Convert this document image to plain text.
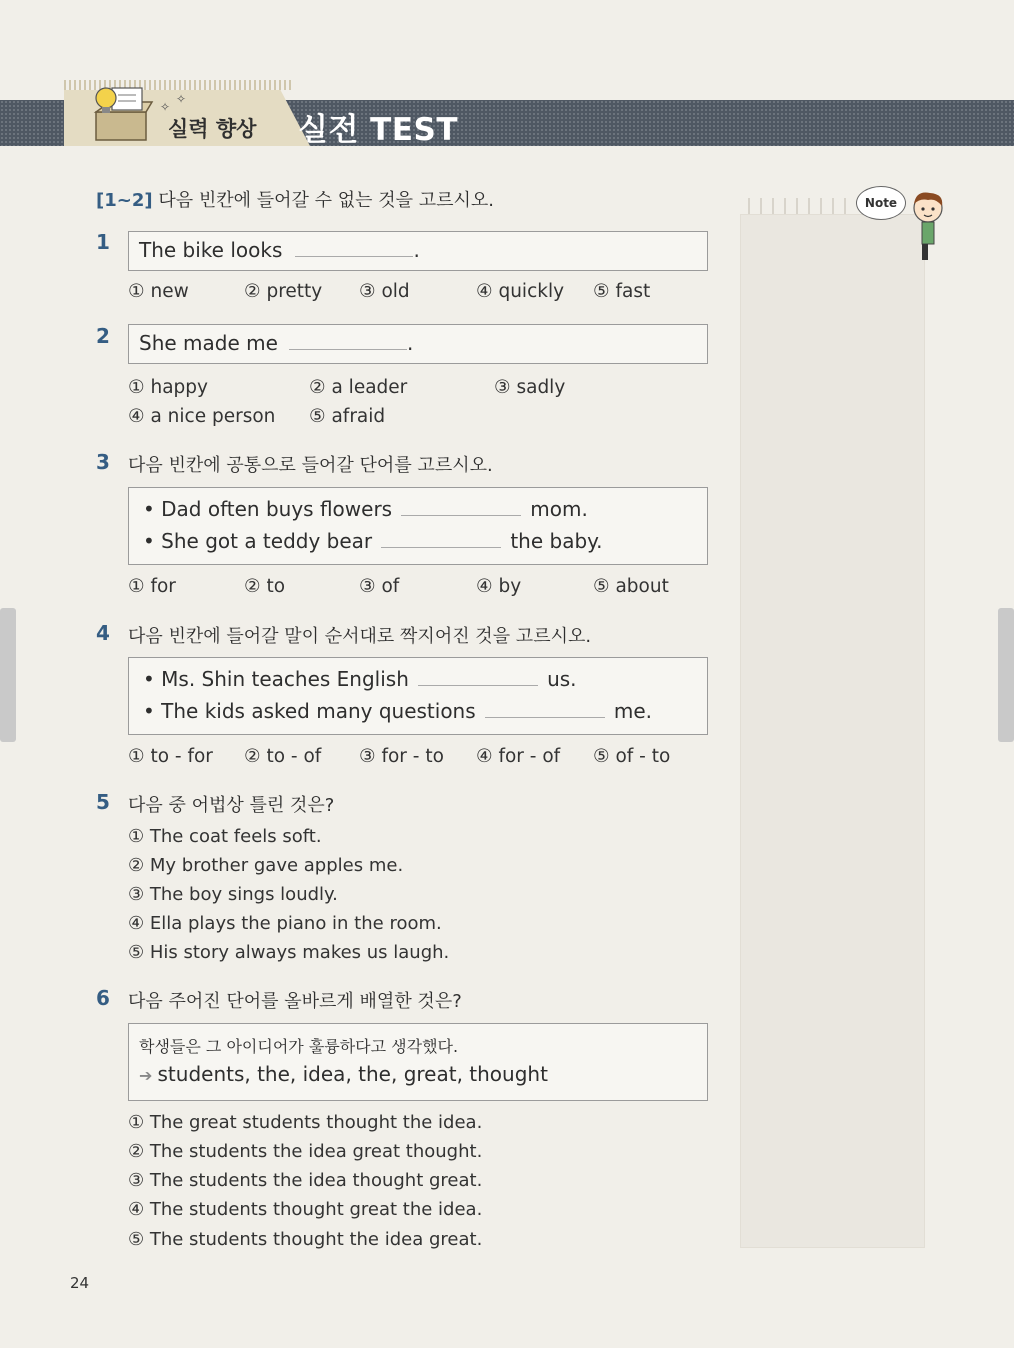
✧
✧
실력 향상 실전 TEST
Note
[1~2] 다음 빈칸에 들어갈 수 없는 것을 고르시오.
1	The bike looks	.
① new	② pretty ③ old	④ quickly ⑤ fast
2	She made me	.
① happy	② a leader	③ sadly
④ a nice person ⑤ afraid
3 다음 빈칸에 공통으로 들어갈 단어를 고르시오.
• Dad often buys flowers	mom.
• She got a teddy bear	the baby.
① for	② to	③ of	④ by	⑤ about
4 다음 빈칸에 들어갈 말이 순서대로 짝지어진 것을 고르시오.
• Ms. Shin teaches English	us.
• The kids asked many questions	me.
① to - for ② to - of ③ for - to ④ for - of ⑤ of - to
5 다음 중 어법상 틀린 것은?
① The coat feels soft.
② My brother gave apples me.
③ The boy sings loudly.
④ Ella plays the piano in the room.
⑤ His story always makes us laugh.
6 다음 주어진 단어를 올바르게 배열한 것은?
학생들은 그 아이디어가 훌륭하다고 생각했다.
➔ students, the, idea, the, great, thought
① The great students thought the idea.
② The students the idea great thought.
③ The students the idea thought great.
④ The students thought great the idea.
⑤ The students thought the idea great.
24
